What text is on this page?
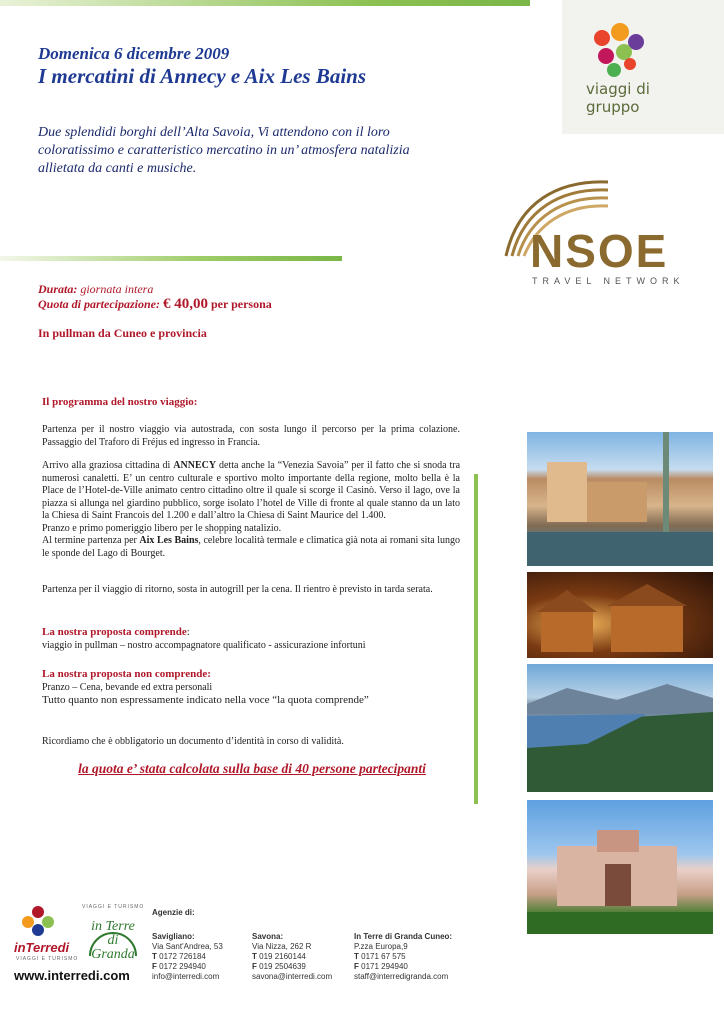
Domenica 6 dicembre 2009
I mercatini di Annecy e Aix Les Bains
Due splendidi borghi dell’Alta Savoia, Vi attendono con il loro coloratissimo e caratteristico mercatino in un’ atmosfera natalizia allietata da canti e musiche.
viaggi di
gruppo
NSOE
TRAVEL NETWORK
Durata: giornata intera
Quota di partecipazione: € 40,00 per persona
In pullman da Cuneo e provincia
Il programma del nostro viaggio:
Partenza per il nostro viaggio via autostrada, con sosta lungo il percorso per la prima colazione. Passaggio del Traforo di Fréjus ed ingresso in Francia.
Arrivo alla graziosa cittadina di ANNECY detta anche la “Venezia Savoia” per il fatto che si snoda tra numerosi canaletti. E’ un centro culturale e sportivo molto importante della regione, molto bella è la Place de l’Hotel-de-Ville animato centro cittadino oltre il quale si scorge il Casinò. Verso il lago, ove la piazza si allunga nel giardino pubblico, sorge isolato l’hotel de Ville di fronte al quale stanno da un lato la Chiesa di Saint Francois del 1.200 e dall’altro la Chiesa di Saint Maurice del 1.400.
Pranzo e primo pomeriggio libero per le shopping natalizio.
Al termine partenza per Aix Les Bains, celebre località termale e climatica già nota ai romani sita lungo le sponde del Lago di Bourget.
Partenza per il viaggio di ritorno, sosta in autogrill per la cena. Il rientro è previsto in tarda serata.
La nostra proposta comprende:
viaggio in pullman – nostro accompagnatore qualificato - assicurazione infortuni
La nostra proposta non comprende:
Pranzo – Cena, bevande ed extra personali
Tutto quanto non espressamente indicato nella voce “la quota comprende”
Ricordiamo che è obbligatorio un documento d’identità in corso di validità.
la quota e’ stata calcolata sulla base di 40 persone partecipanti
inTerredi
VIAGGI E TURISMO
www.interredi.com
VIAGGI E TURISMO
in Terre di
Granda
Agenzie di:
Savigliano:
Via Sant'Andrea, 53
T 0172 726184
F 0172 294940
info@interredi.com
Savona:
Via Nizza, 262 R
T 019 2160144
F 019 2504639
savona@interredi.com
In Terre di Granda Cuneo:
P.zza Europa,9
T 0171 67 575
F 0171 294940
staff@interredigranda.com
